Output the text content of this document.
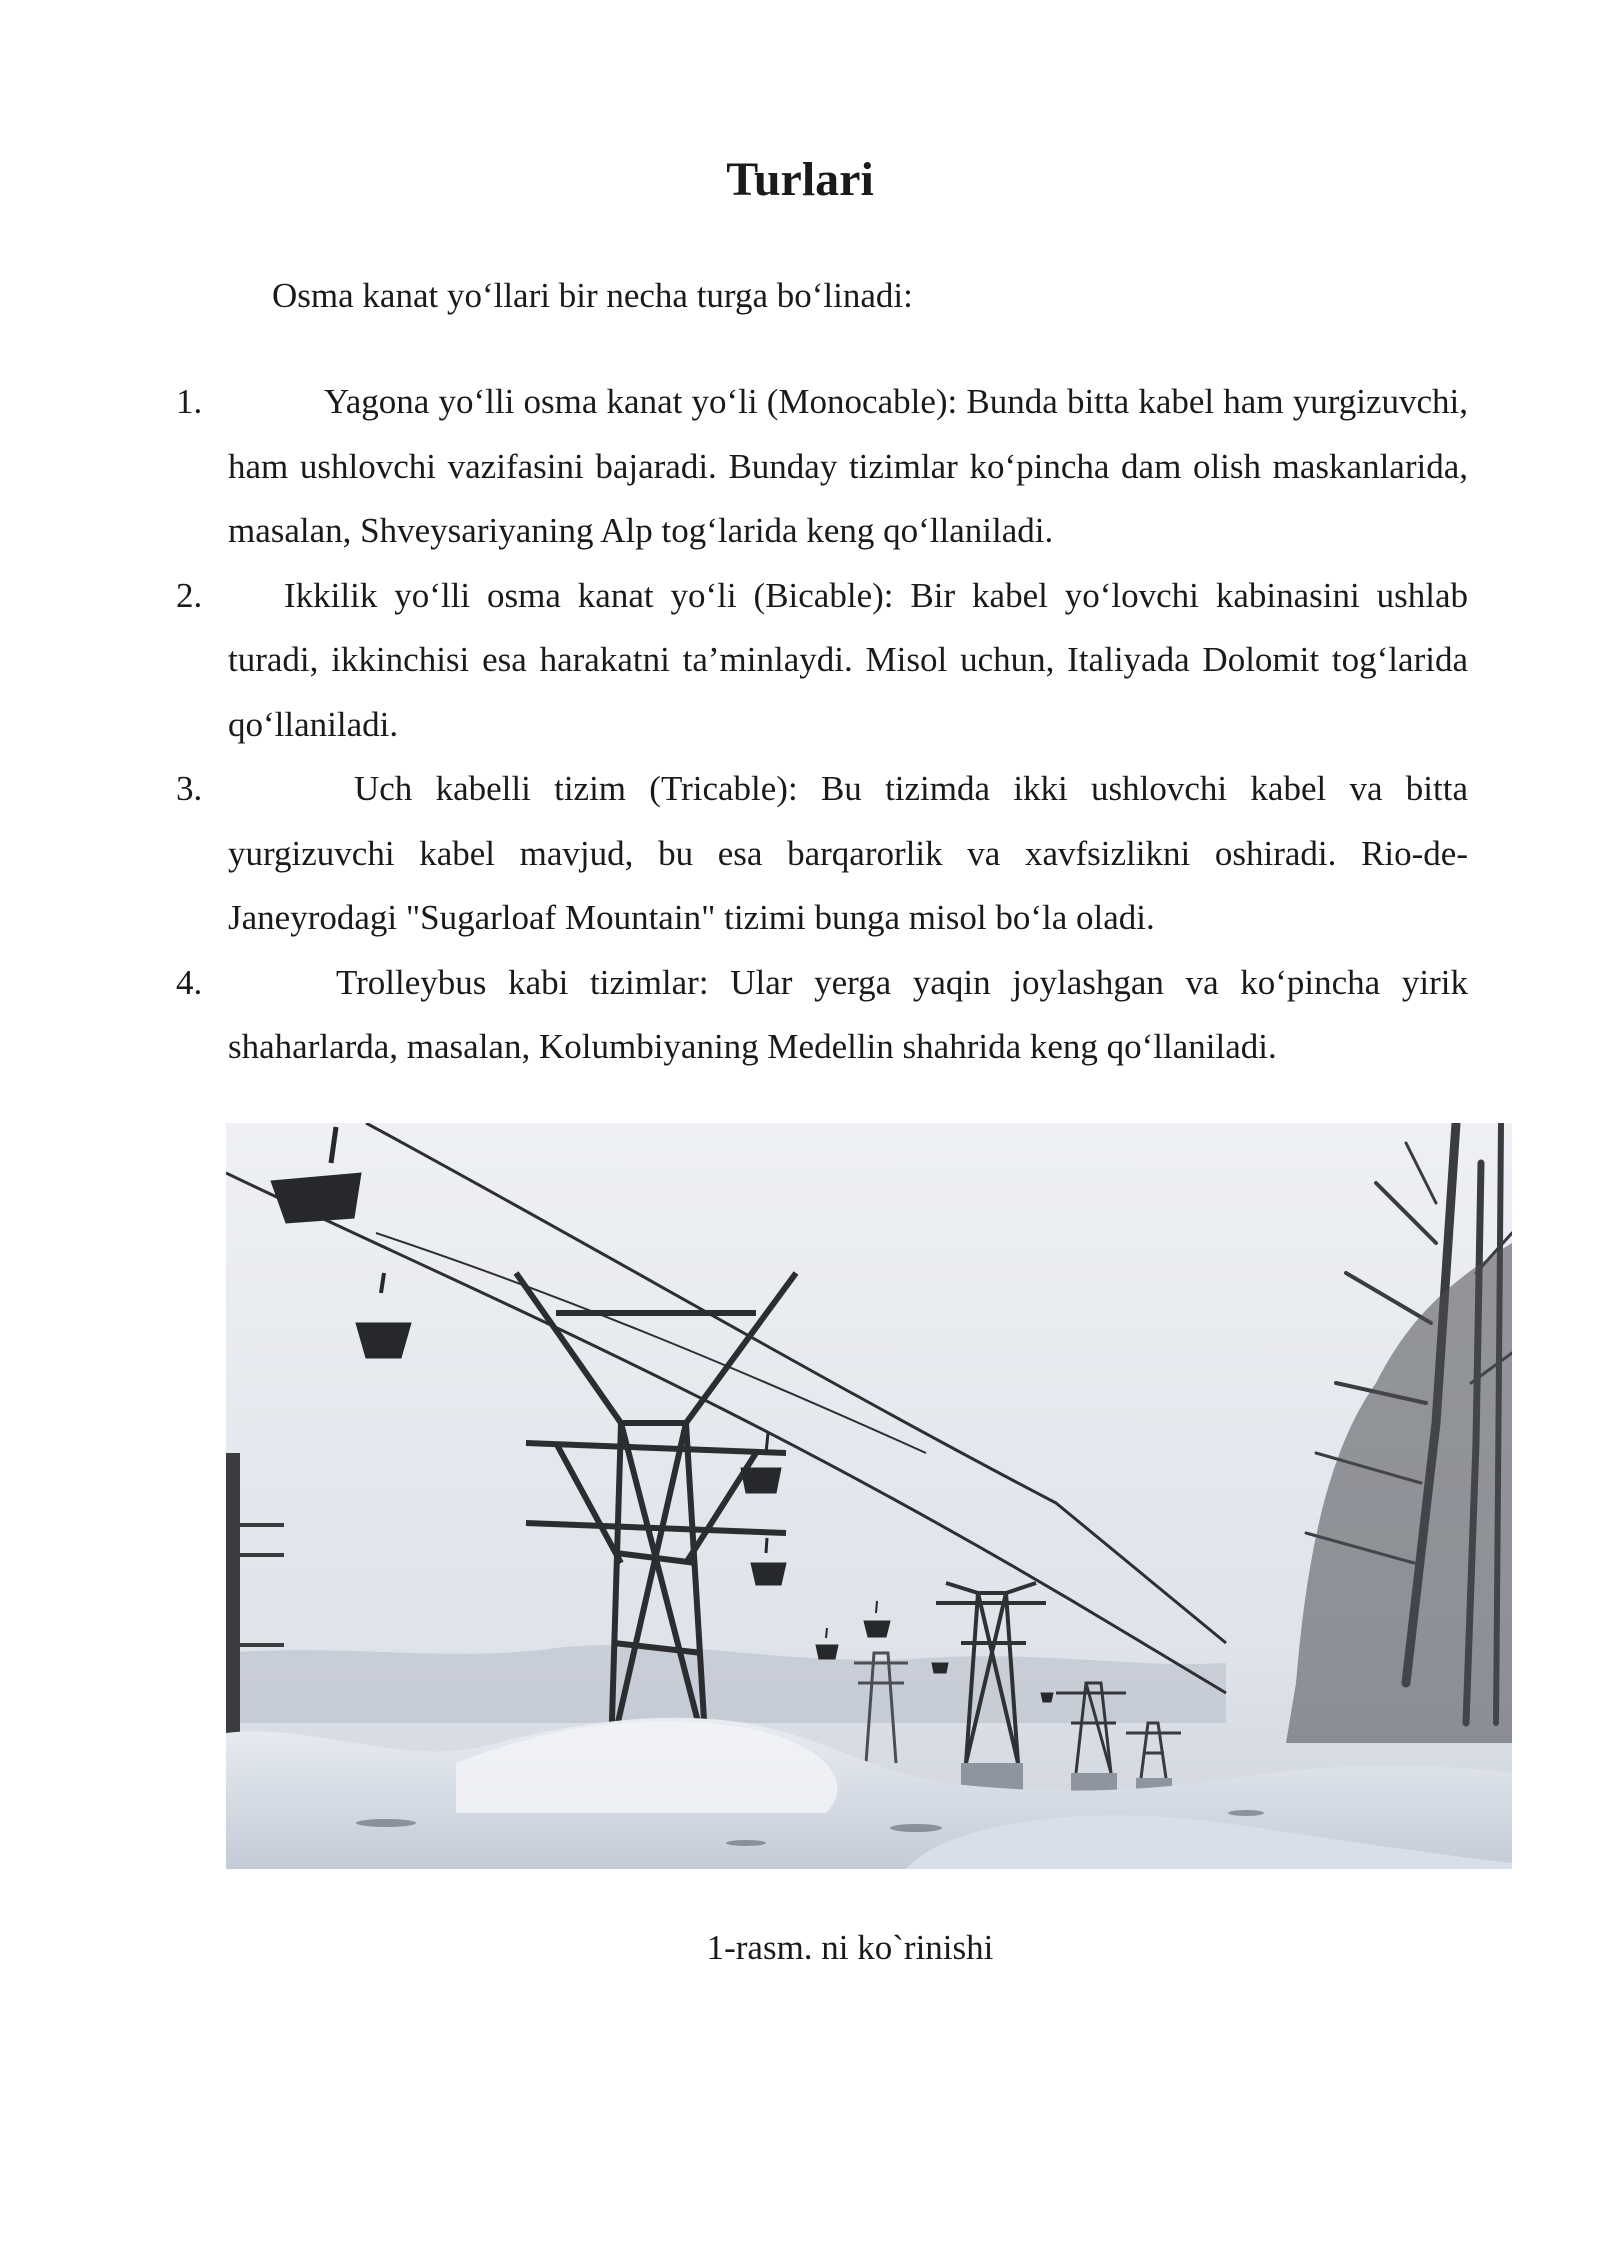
Turlari

Osma kanat yo‘llari bir necha turga bo‘linadi:

1.	Yagona yo‘lli osma kanat yo‘li (Monocable): Bunda bitta kabel ham yurgizuvchi, ham ushlovchi vazifasini bajaradi. Bunday tizimlar ko‘pincha dam olish maskanlarida, masalan, Shveysariyaning Alp tog‘larida keng qo‘llaniladi.
2.	Ikkilik yo‘lli osma kanat yo‘li (Bicable): Bir kabel yo‘lovchi kabinasini ushlab turadi, ikkinchisi esa harakatni ta’minlaydi. Misol uchun, Italiyada Dolomit tog‘larida qo‘llaniladi.
3.	Uch kabelli tizim (Tricable): Bu tizimda ikki ushlovchi kabel va bitta yurgizuvchi kabel mavjud, bu esa barqarorlik va xavfsizlikni oshiradi. Rio-de-Janeyrodagi "Sugarloaf Mountain" tizimi bunga misol bo‘la oladi.
4.	Trolleybus kabi tizimlar: Ular yerga yaqin joylashgan va ko‘pincha yirik shaharlarda, masalan, Kolumbiyaning Medellin shahrida keng qo‘llaniladi.

1-rasm. ni ko`rinishi
